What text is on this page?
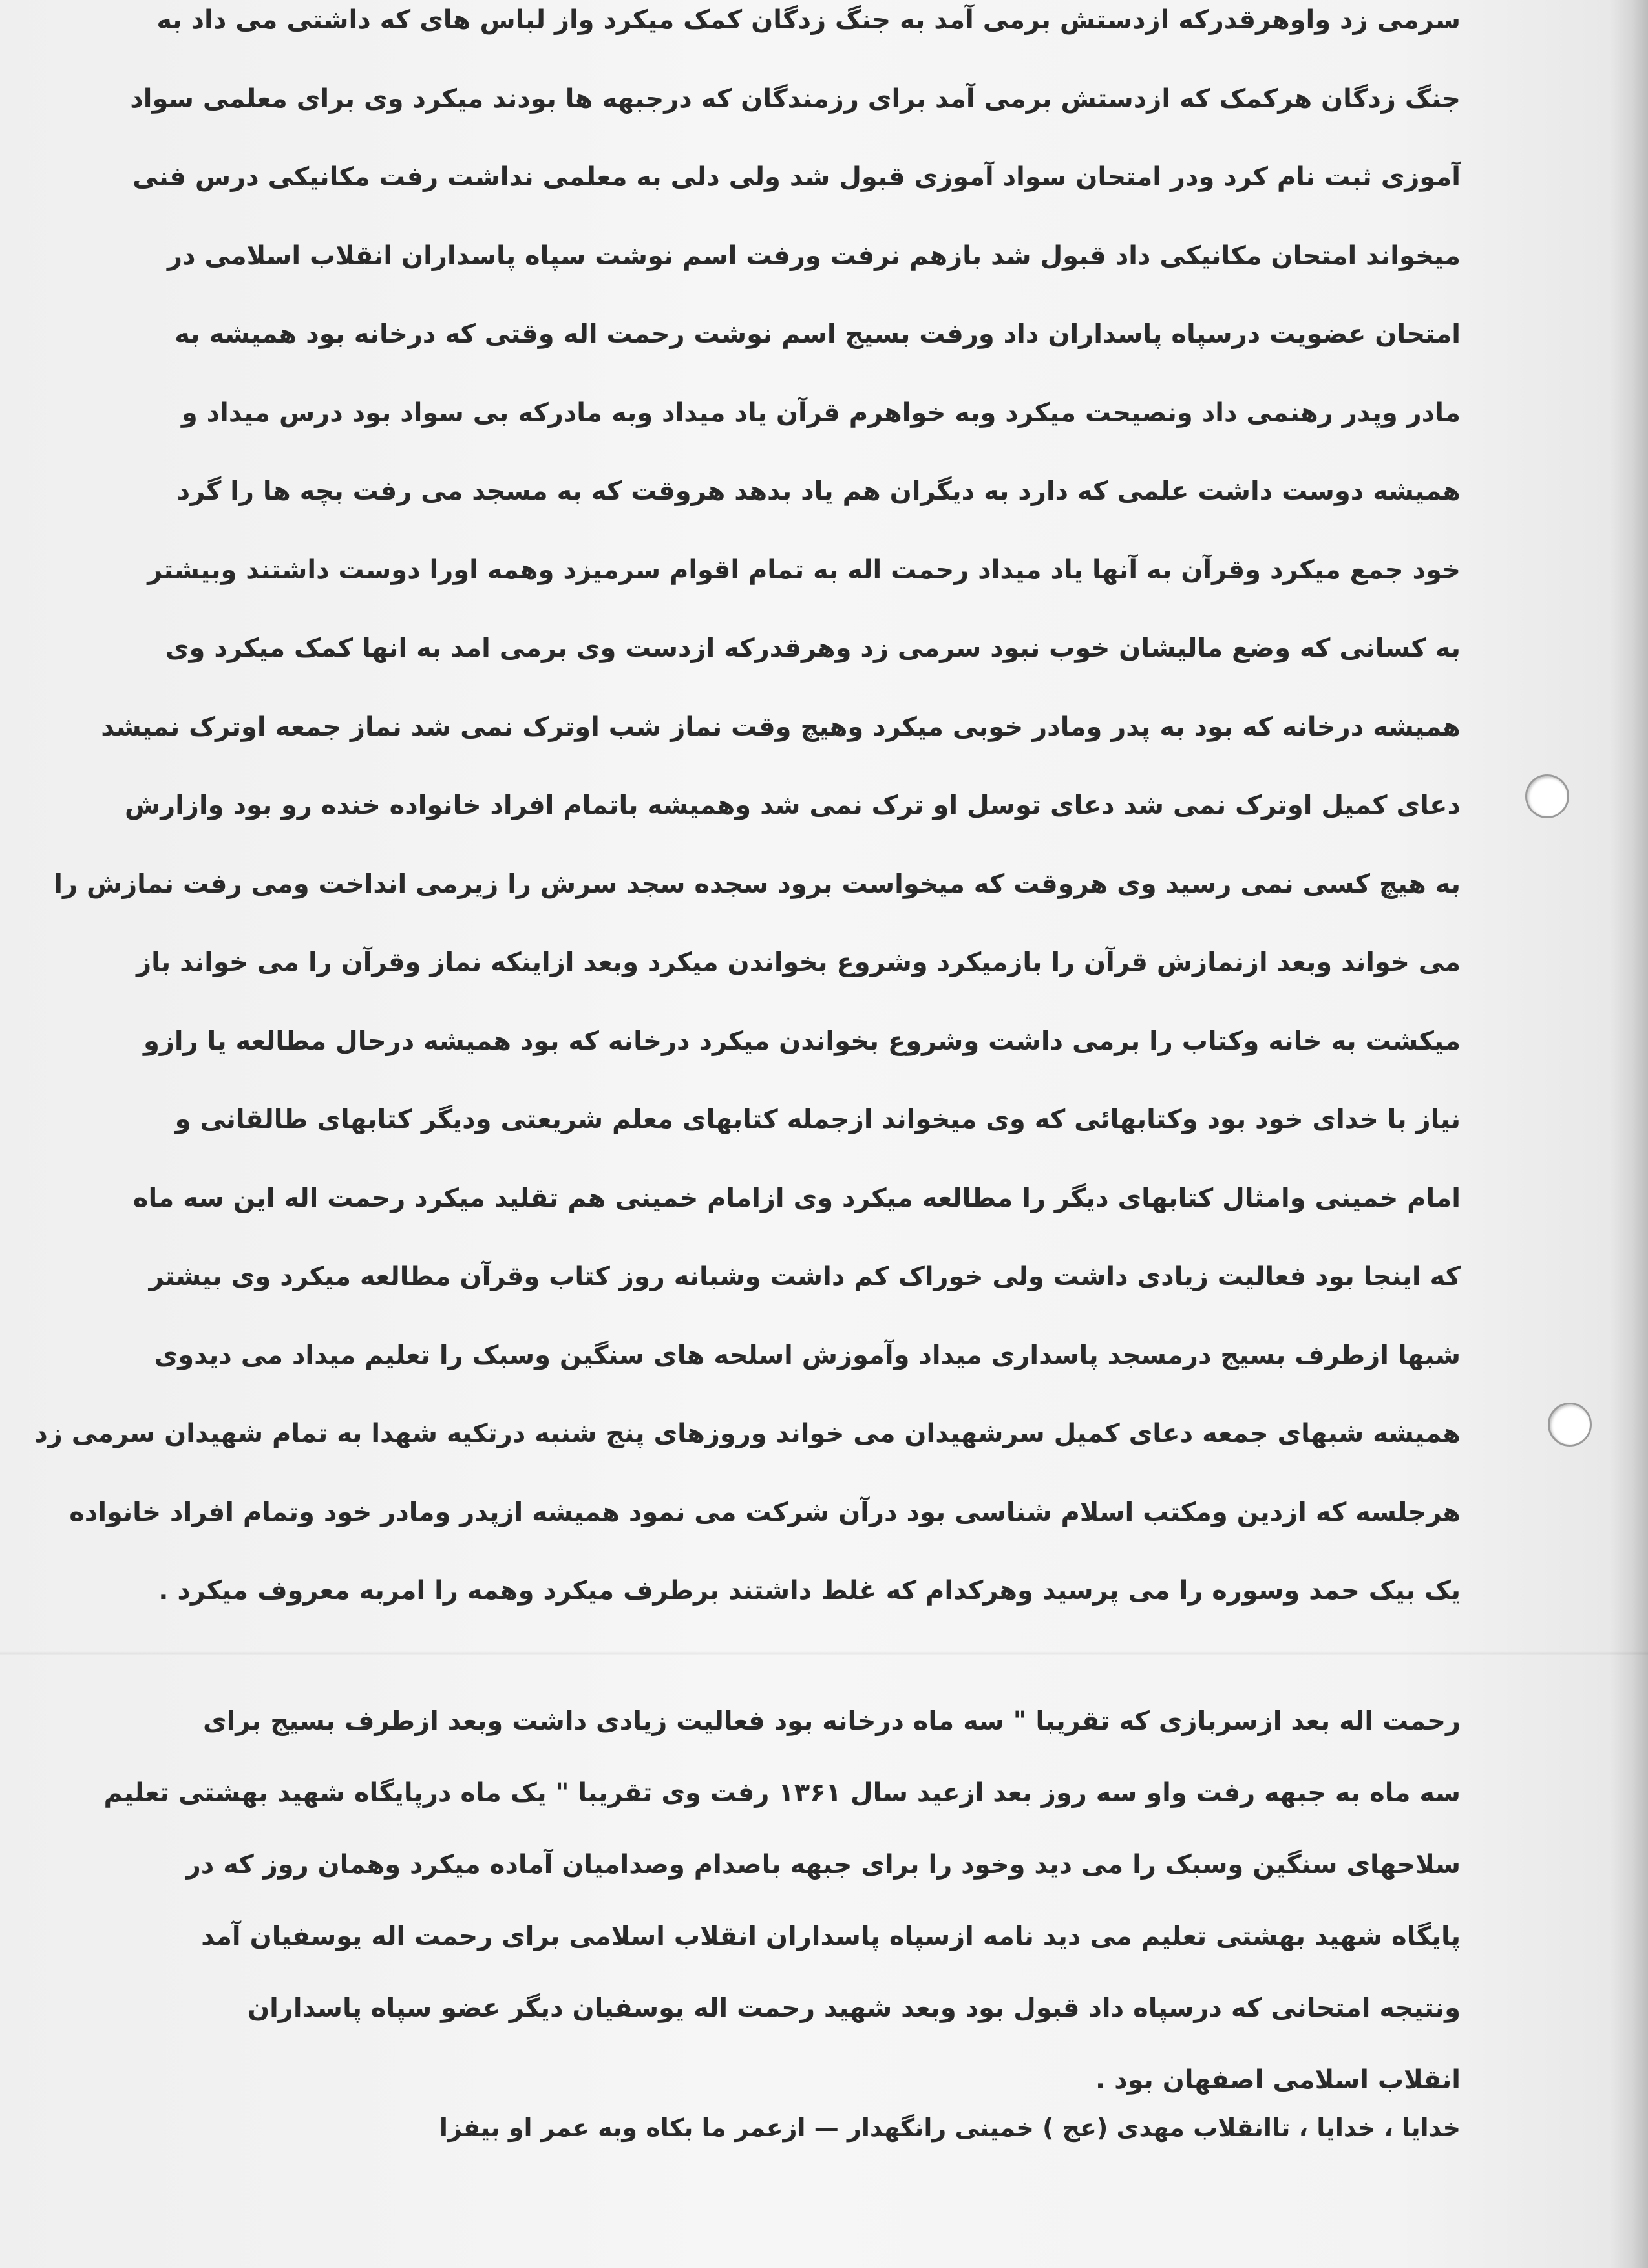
سرمی زد واوهرقدرکه ازدستش برمی آمد به جنگ زدگان کمک میکرد واز لباس های که داشتی می داد به
جنگ زدگان هرکمک که ازدستش برمی آمد برای رزمندگان که درجبهه ها بودند میکرد وی برای معلمی سواد
آموزی ثبت نام کرد ودر امتحان سواد آموزی قبول شد ولی دلی به معلمی نداشت رفت مکانیکی درس فنی
میخواند امتحان مکانیکی داد قبول شد بازهم نرفت ورفت اسم نوشت سپاه پاسداران انقلاب اسلامی در
امتحان عضویت درسپاه پاسداران داد ورفت بسیج اسم نوشت رحمت اله وقتی که درخانه بود همیشه به
مادر وپدر رهنمی داد ونصیحت میکرد وبه خواهرم قرآن یاد میداد وبه مادرکه بی سواد بود درس میداد و
همیشه دوست داشت علمی که دارد به دیگران هم یاد بدهد هروقت که به مسجد می رفت بچه ها را گرد
خود جمع میکرد وقرآن به آنها یاد میداد رحمت اله به تمام اقوام سرمیزد وهمه اورا دوست داشتند وبیشتر
به کسانی که وضع مالیشان خوب نبود سرمی زد وهرقدرکه ازدست وی برمی امد به انها کمک میکرد وی
همیشه درخانه که بود به پدر ومادر خوبی میکرد وهیچ وقت نماز شب اوترک نمی شد نماز جمعه اوترک نمیشد
دعای کمیل اوترک نمی شد دعای توسل او ترک نمی شد وهمیشه باتمام افراد خانواده خنده رو بود وازارش
به هیچ کسی نمی رسید وی هروقت که میخواست برود سجده سجد سرش را زیرمی انداخت ومی رفت نمازش را
می خواند وبعد ازنمازش قرآن را بازمیکرد وشروع بخواندن میکرد وبعد ازاینکه نماز وقرآن را می خواند باز
میکشت به خانه وکتاب را برمی داشت وشروع بخواندن میکرد درخانه که بود همیشه درحال مطالعه یا رازو
نیاز با خدای خود بود وکتابهائی که وی میخواند ازجمله کتابهای معلم شریعتی ودیگر کتابهای طالقانی و
امام خمینی وامثال کتابهای دیگر را مطالعه میکرد وی ازامام خمینی هم تقلید میکرد رحمت اله این سه ماه
که اینجا بود فعالیت زیادی داشت ولی خوراک کم داشت وشبانه روز کتاب وقرآن مطالعه میکرد وی بیشتر
شبها ازطرف بسیج درمسجد پاسداری میداد وآموزش اسلحه های سنگین وسبک را تعلیم میداد می دیدوی
همیشه شبهای جمعه دعای کمیل سرشهیدان می خواند وروزهای پنج شنبه درتکیه شهدا به تمام شهیدان سرمی زد
هرجلسه که ازدین ومکتب اسلام شناسی بود درآن شرکت می نمود همیشه ازپدر ومادر خود وتمام افراد خانواده
یک بیک حمد وسوره را می پرسید وهرکدام که غلط داشتند برطرف میکرد وهمه را امربه معروف میکرد .
رحمت اله بعد ازسربازی که تقریبا " سه ماه درخانه بود فعالیت زیادی داشت وبعد ازطرف بسیج برای
سه ماه به جبهه رفت واو سه روز بعد ازعید سال ۱۳۶۱ رفت وی تقریبا " یک ماه درپایگاه شهید بهشتی تعلیم
سلاحهای سنگین وسبک را می دید وخود را برای جبهه باصدام وصدامیان آماده میکرد وهمان روز که در
پایگاه شهید بهشتی تعلیم می دید نامه ازسپاه پاسداران انقلاب اسلامی برای رحمت اله یوسفیان آمد
ونتیجه امتحانی که درسپاه داد قبول بود وبعد شهید رحمت اله یوسفیان دیگر عضو سپاه پاسداران
انقلاب اسلامی اصفهان بود .
خدایا ، خدایا ، تاانقلاب مهدی (عج ) خمینی رانگهدار — ازعمر ما بکاه وبه عمر او بیفزا
